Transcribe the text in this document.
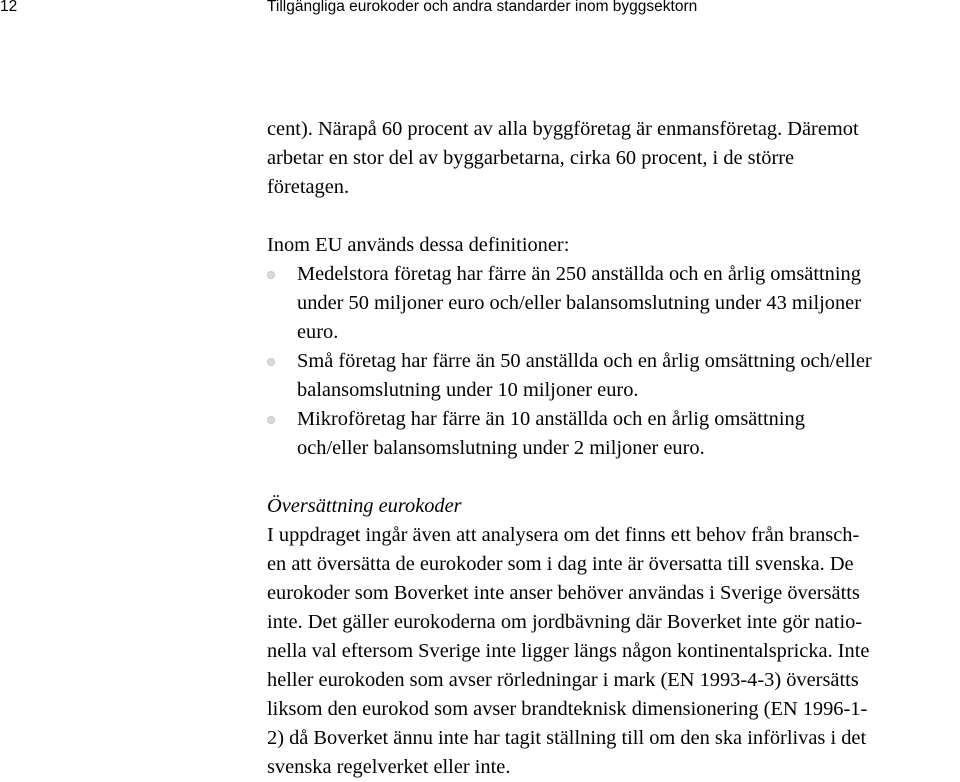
12	Tillgängliga eurokoder och andra standarder inom byggsektorn

cent). Närapå 60 procent av alla byggföretag är enmansföretag. Däremot
arbetar en stor del av byggarbetarna, cirka 60 procent, i de större
företagen.

Inom EU används dessa definitioner:

Medelstora företag har färre än 250 anställda och en årlig omsättning
under 50 miljoner euro och/eller balansomslutning under 43 miljoner
euro.
Små företag har färre än 50 anställda och en årlig omsättning och/eller
balansomslutning under 10 miljoner euro.
Mikroföretag har färre än 10 anställda och en årlig omsättning
och/eller balansomslutning under 2 miljoner euro.

Översättning eurokoder

I uppdraget ingår även att analysera om det finns ett behov från bransch-
en att översätta de eurokoder som i dag inte är översatta till svenska. De
eurokoder som Boverket inte anser behöver användas i Sverige översätts
inte. Det gäller eurokoderna om jordbävning där Boverket inte gör natio-
nella val eftersom Sverige inte ligger längs någon kontinentalspricka. Inte
heller eurokoden som avser rörledningar i mark (EN 1993-4-3) översätts
liksom den eurokod som avser brandteknisk dimensionering (EN 1996-1-
2) då Boverket ännu inte har tagit ställning till om den ska införlivas i det
svenska regelverket eller inte.
